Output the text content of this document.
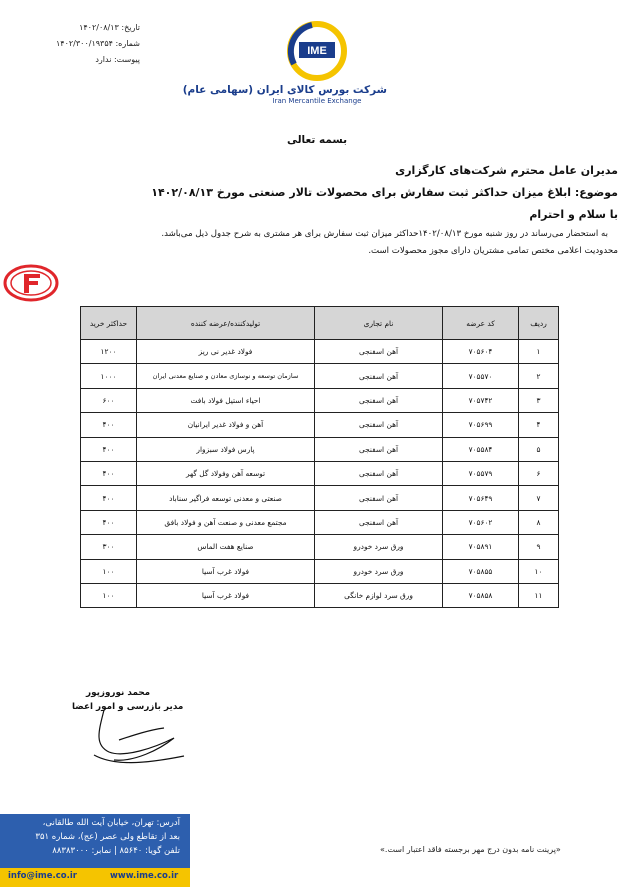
تاریخ: ۱۴۰۲/۰۸/۱۳
شماره: ۱۴۰۲/۳۰۰/۱۹۳۵۴
پیوست: ندارد
IME
شرکت بورس کالای ایران (سهامی عام)
Iran Mercantile Exchange
بسمه تعالی
مدیران عامل محترم شرکت‌های کارگزاری
موضوع: ابلاغ میزان حداکثر ثبت سفارش برای محصولات تالار صنعتی مورخ ۱۴۰۲/۰۸/۱۳
با سلام و احترام
به استحضار می‌رساند در روز شنبه مورخ ۱۴۰۲/۰۸/۱۳حداکثر میزان ثبت سفارش برای هر مشتری به شرح جدول ذیل می‌باشد.
محدودیت اعلامی مختص تمامی مشتریان دارای مجوز محصولات است.
ردیف	کد عرضه	نام تجاری	تولیدکننده/عرضه کننده	حداکثر خرید
۱	۷۰۵۶۰۴	آهن اسفنجی	فولاد غدیر نی ریز	۱۲۰۰
۲	۷۰۵۵۷۰	آهن اسفنجی	سازمان توسعه و نوسازی معادن و صنایع معدنی ایران	۱۰۰۰
۳	۷۰۵۷۴۲	آهن اسفنجی	احیاء استیل فولاد بافت	۶۰۰
۴	۷۰۵۶۹۹	آهن اسفنجی	آهن و فولاد غدیر ایرانیان	۴۰۰
۵	۷۰۵۵۸۴	آهن اسفنجی	پارس فولاد سبزوار	۴۰۰
۶	۷۰۵۵۷۹	آهن اسفنجی	توسعه آهن وفولاد گل گهر	۴۰۰
۷	۷۰۵۶۴۹	آهن اسفنجی	صنعتی و معدنی توسعه فراگیر سناباد	۴۰۰
۸	۷۰۵۶۰۲	آهن اسفنجی	مجتمع معدنی و صنعت آهن و فولاد بافق	۴۰۰
۹	۷۰۵۸۹۱	ورق سرد خودرو	صنایع هفت الماس	۳۰۰
۱۰	۷۰۵۸۵۵	ورق سرد خودرو	فولاد غرب آسیا	۱۰۰
۱۱	۷۰۵۸۵۸	ورق سرد لوازم خانگی	فولاد غرب آسیا	۱۰۰
محمد نوروزپور
مدیر بازرسی و امور اعضا
«پرینت نامه بدون درج مهر برجسته فاقد اعتبار است.»
آدرس: تهران، خیابان آیت الله طالقانی،
بعد از تقاطع ولی عصر (عج)، شماره ۳۵۱
تلفن گویا: ۸۵۶۴۰ | نمابر: ۸۸۳۸۳۰۰۰
info@ime.co.ir	www.ime.co.ir
